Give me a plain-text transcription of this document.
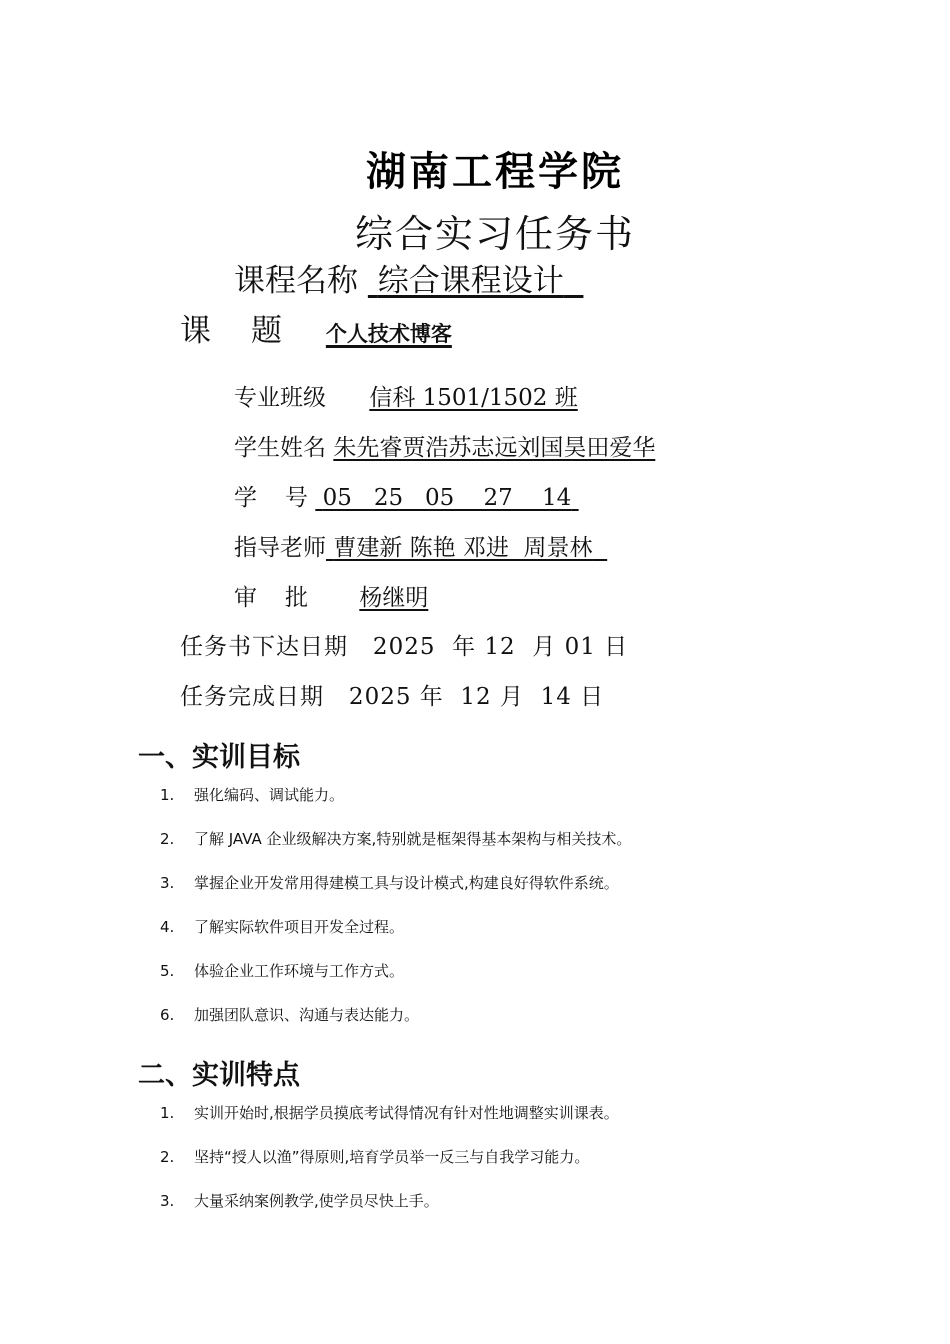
湖南工程学院
综合实习任务书
课程名称 综合课程设计
课 题 个人技术博客
专业班级 信科 1501/1502 班
学生姓名 朱先睿贾浩苏志远刘国昊田爱华
学 号 05   25   05    27    14
指导老师 曹建新 陈艳 邓进  周景林
审 批 杨继明
任务书下达日期   2025  年 12  月 01 日
任务完成日期   2025 年  12 月  14 日
一、实训目标
1. 强化编码、调试能力。
2. 了解 JAVA 企业级解决方案,特别就是框架得基本架构与相关技术。
3. 掌握企业开发常用得建模工具与设计模式,构建良好得软件系统。
4. 了解实际软件项目开发全过程。
5. 体验企业工作环境与工作方式。
6. 加强团队意识、沟通与表达能力。
二、实训特点
1. 实训开始时,根据学员摸底考试得情况有针对性地调整实训课表。
2. 坚持“授人以渔”得原则,培育学员举一反三与自我学习能力。
3. 大量采纳案例教学,使学员尽快上手。
